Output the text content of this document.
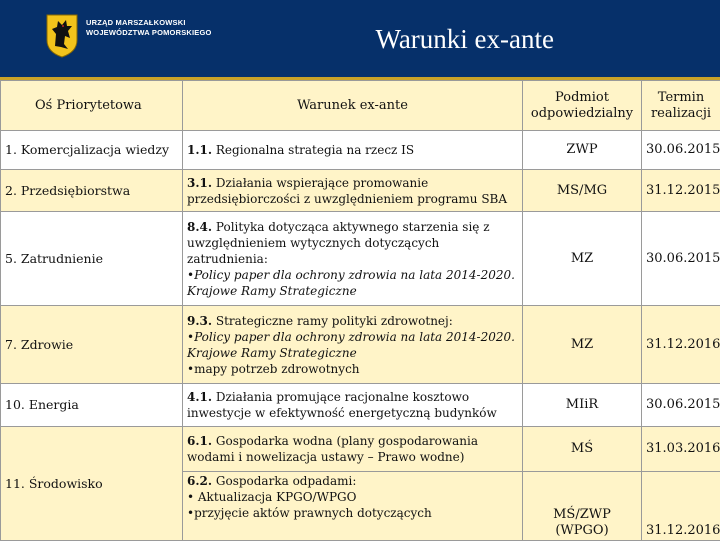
URZĄD MARSZAŁKOWSKI
WOJEWÓDZTWA POMORSKIEGO	Warunki ex-ante
Oś Priorytetowa	Warunek ex-ante	Podmiot odpowiedzialny	Termin realizacji
1. Komercjalizacja wiedzy	1.1. Regionalna strategia na rzecz IS	ZWP	30.06.2015
2. Przedsiębiorstwa	3.1. Działania wspierające promowanie przedsiębiorczości z uwzględnieniem programu SBA	MS/MG	31.12.2015
5. Zatrudnienie	8.4. Polityka dotycząca aktywnego starzenia się z uwzględnieniem wytycznych dotyczących zatrudnienia:
•Policy paper dla ochrony zdrowia na lata 2014-2020. Krajowe Ramy Strategiczne	MZ	30.06.2015
7. Zdrowie	9.3. Strategiczne ramy polityki zdrowotnej:
•Policy paper dla ochrony zdrowia na lata 2014-2020. Krajowe Ramy Strategiczne
•mapy potrzeb zdrowotnych	MZ	31.12.2016
10. Energia	4.1. Działania promujące racjonalne kosztowo inwestycje w efektywność energetyczną budynków	MIiR	30.06.2015
11. Środowisko	6.1. Gospodarka wodna (plany gospodarowania wodami i nowelizacja ustawy – Prawo wodne)	MŚ	31.03.2016
	6.2. Gospodarka odpadami:
• Aktualizacja KPGO/WPGO
•przyjęcie aktów prawnych dotyczących	MŚ/ZWP (WPGO)	31.12.2016
